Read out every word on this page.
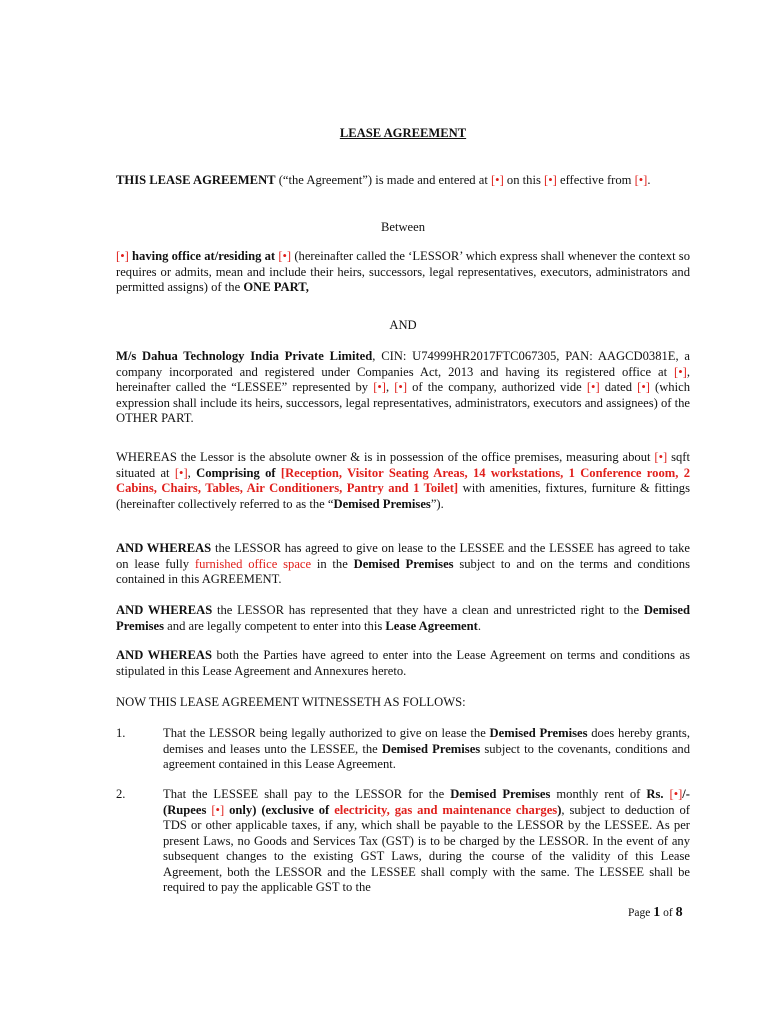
LEASE AGREEMENT

THIS LEASE AGREEMENT (“the Agreement”) is made and entered at [•] on this [•] effective from [•].

Between

[•] having office at/residing at [•] (hereinafter called the ‘LESSOR’ which express shall whenever the context so requires or admits, mean and include their heirs, successors, legal representatives, executors, administrators and permitted assigns) of the ONE PART,

AND

M/s Dahua Technology India Private Limited, CIN: U74999HR2017FTC067305, PAN: AAGCD0381E, a company incorporated and registered under Companies Act, 2013 and having its registered office at [•], hereinafter called the “LESSEE” represented by [•], [•] of the company, authorized vide [•] dated [•] (which expression shall include its heirs, successors, legal representatives, administrators, executors and assignees) of the OTHER PART.

WHEREAS the Lessor is the absolute owner & is in possession of the office premises, measuring about [•] sqft situated at [•], Comprising of [Reception, Visitor Seating Areas, 14 workstations, 1 Conference room, 2 Cabins, Chairs, Tables, Air Conditioners, Pantry and 1 Toilet] with amenities, fixtures, furniture & fittings (hereinafter collectively referred to as the “Demised Premises”).

AND WHEREAS the LESSOR has agreed to give on lease to the LESSEE and the LESSEE has agreed to take on lease fully furnished office space in the Demised Premises subject to and on the terms and conditions contained in this AGREEMENT.

AND WHEREAS the LESSOR has represented that they have a clean and unrestricted right to the Demised Premises and are legally competent to enter into this Lease Agreement.

AND WHEREAS both the Parties have agreed to enter into the Lease Agreement on terms and conditions as stipulated in this Lease Agreement and Annexures hereto.

NOW THIS LEASE AGREEMENT WITNESSETH AS FOLLOWS:

1.	That the LESSOR being legally authorized to give on lease the Demised Premises does hereby grants, demises and leases unto the LESSEE, the Demised Premises subject to the covenants, conditions and agreement contained in this Lease Agreement.

2.	That the LESSEE shall pay to the LESSOR for the Demised Premises monthly rent of Rs. [•]/- (Rupees [•] only) (exclusive of electricity, gas and maintenance charges), subject to deduction of TDS or other applicable taxes, if any, which shall be payable to the LESSOR by the LESSEE. As per present Laws, no Goods and Services Tax (GST) is to be charged by the LESSOR. In the event of any subsequent changes to the existing GST Laws, during the course of the validity of this Lease Agreement, both the LESSOR and the LESSEE shall comply with the same. The LESSEE shall be required to pay the applicable GST to the

Page 1 of 8
